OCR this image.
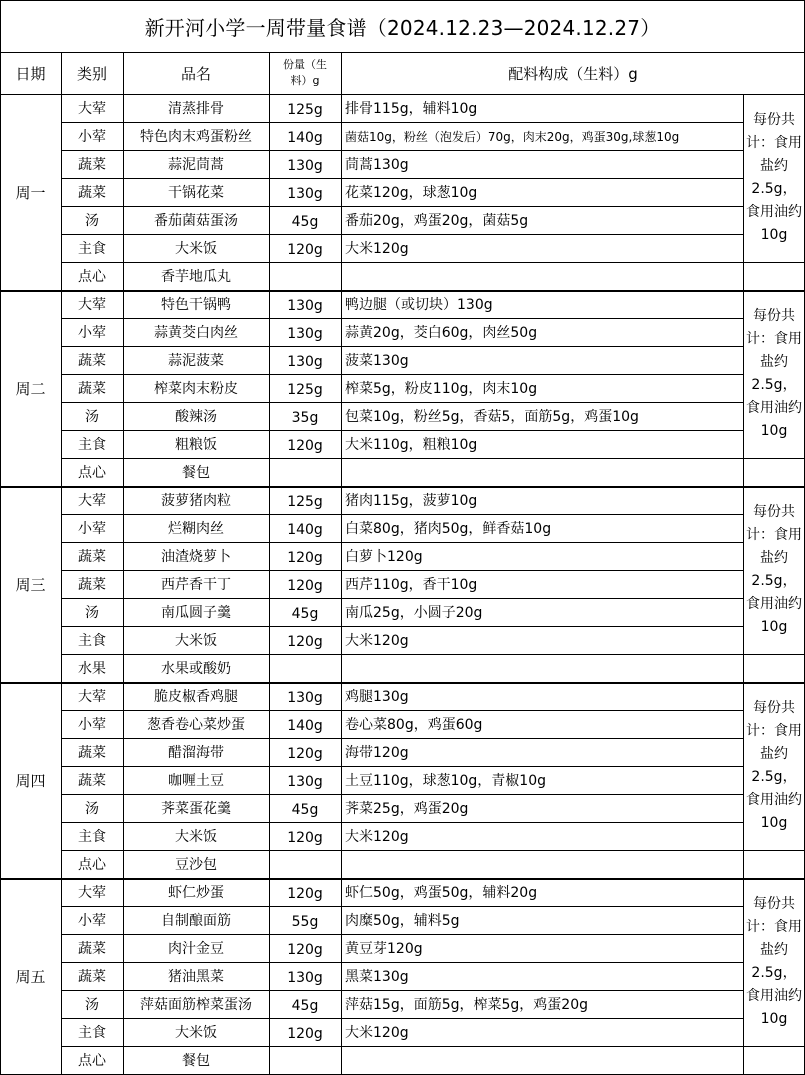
新开河小学一周带量食谱（2024.12.23—2024.12.27）
日期	类别	品名	份量（生料）g	配料构成（生料）g
周一
大荤	清蒸排骨	125g	排骨115g，辅料10g
小荤	特色肉末鸡蛋粉丝	140g	菌菇10g，粉丝（泡发后）70g，肉末20g，鸡蛋30g,球葱10g
蔬菜	蒜泥茼蒿	130g	茼蒿130g
蔬菜	干锅花菜	130g	花菜120g，球葱10g
汤	番茄菌菇蛋汤	45g	番茄20g，鸡蛋20g，菌菇5g
主食	大米饭	120g	大米120g
点心	香芋地瓜丸
每份共计：食用盐约2.5g，食用油约10g
周二
大荤	特色干锅鸭	130g	鸭边腿（或切块）130g
小荤	蒜黄茭白肉丝	130g	蒜黄20g，茭白60g，肉丝50g
蔬菜	蒜泥菠菜	130g	菠菜130g
蔬菜	榨菜肉末粉皮	125g	榨菜5g，粉皮110g，肉末10g
汤	酸辣汤	35g	包菜10g，粉丝5g，香菇5，面筋5g，鸡蛋10g
主食	粗粮饭	120g	大米110g，粗粮10g
点心	餐包
每份共计：食用盐约2.5g，食用油约10g
周三
大荤	菠萝猪肉粒	125g	猪肉115g，菠萝10g
小荤	烂糊肉丝	140g	白菜80g，猪肉50g，鲜香菇10g
蔬菜	油渣烧萝卜	120g	白萝卜120g
蔬菜	西芹香干丁	120g	西芹110g，香干10g
汤	南瓜圆子羹	45g	南瓜25g，小圆子20g
主食	大米饭	120g	大米120g
水果	水果或酸奶
每份共计：食用盐约2.5g，食用油约10g
周四
大荤	脆皮椒香鸡腿	130g	鸡腿130g
小荤	葱香卷心菜炒蛋	140g	卷心菜80g，鸡蛋60g
蔬菜	醋溜海带	120g	海带120g
蔬菜	咖喱土豆	130g	土豆110g，球葱10g，青椒10g
汤	荠菜蛋花羹	45g	荠菜25g，鸡蛋20g
主食	大米饭	120g	大米120g
点心	豆沙包
每份共计：食用盐约2.5g，食用油约10g
周五
大荤	虾仁炒蛋	120g	虾仁50g，鸡蛋50g，辅料20g
小荤	自制酿面筋	55g	肉糜50g，辅料5g
蔬菜	肉汁金豆	120g	黄豆芽120g
蔬菜	猪油黑菜	130g	黑菜130g
汤	萍菇面筋榨菜蛋汤	45g	萍菇15g，面筋5g，榨菜5g，鸡蛋20g
主食	大米饭	120g	大米120g
点心	餐包
每份共计：食用盐约2.5g，食用油约10g
